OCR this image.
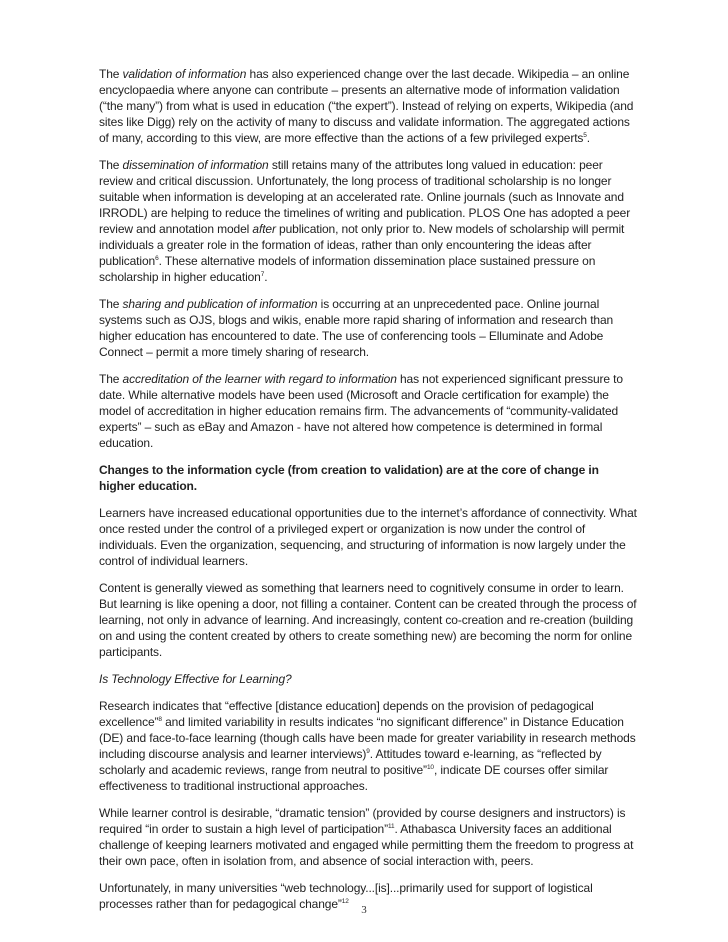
The validation of information has also experienced change over the last decade. Wikipedia – an online encyclopaedia where anyone can contribute – presents an alternative mode of information validation (“the many”) from what is used in education (“the expert”). Instead of relying on experts, Wikipedia (and sites like Digg) rely on the activity of many to discuss and validate information. The aggregated actions of many, according to this view, are more effective than the actions of a few privileged experts$^5$.

The dissemination of information still retains many of the attributes long valued in education: peer review and critical discussion. Unfortunately, the long process of traditional scholarship is no longer suitable when information is developing at an accelerated rate. Online journals (such as Innovate and IRRODL) are helping to reduce the timelines of writing and publication. PLOS One has adopted a peer review and annotation model after publication, not only prior to. New models of scholarship will permit individuals a greater role in the formation of ideas, rather than only encountering the ideas after publication$^6$. These alternative models of information dissemination place sustained pressure on scholarship in higher education$^7$.

The sharing and publication of information is occurring at an unprecedented pace. Online journal systems such as OJS, blogs and wikis, enable more rapid sharing of information and research than higher education has encountered to date. The use of conferencing tools – Elluminate and Adobe Connect – permit a more timely sharing of research.

The accreditation of the learner with regard to information has not experienced significant pressure to date. While alternative models have been used (Microsoft and Oracle certification for example) the model of accreditation in higher education remains firm. The advancements of “community-validated experts” – such as eBay and Amazon - have not altered how competence is determined in formal education.

Changes to the information cycle (from creation to validation) are at the core of change in higher education.

Learners have increased educational opportunities due to the internet’s affordance of connectivity. What once rested under the control of a privileged expert or organization is now under the control of individuals. Even the organization, sequencing, and structuring of information is now largely under the control of individual learners.

Content is generally viewed as something that learners need to cognitively consume in order to learn. But learning is like opening a door, not filling a container. Content can be created through the process of learning, not only in advance of learning. And increasingly, content co-creation and re-creation (building on and using the content created by others to create something new) are becoming the norm for online participants.

Is Technology Effective for Learning?

Research indicates that “effective [distance education] depends on the provision of pedagogical excellence”$^8$ and limited variability in results indicates “no significant difference” in Distance Education (DE) and face-to-face learning (though calls have been made for greater variability in research methods including discourse analysis and learner interviews)$^9$. Attitudes toward e-learning, as “reflected by scholarly and academic reviews, range from neutral to positive”$^{10}$, indicate DE courses offer similar effectiveness to traditional instructional approaches.

While learner control is desirable, “dramatic tension” (provided by course designers and instructors) is required “in order to sustain a high level of participation”$^{11}$. Athabasca University faces an additional challenge of keeping learners motivated and engaged while permitting them the freedom to progress at their own pace, often in isolation from, and absence of social interaction with, peers.

Unfortunately, in many universities “web technology...[is]...primarily used for support of logistical processes rather than for pedagogical change”$^{12}$

3
